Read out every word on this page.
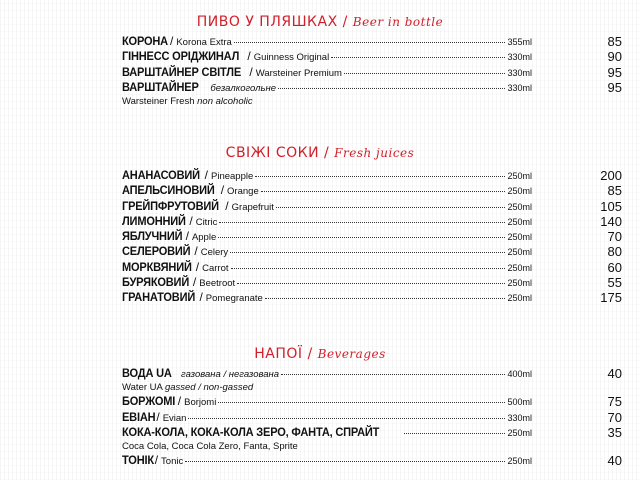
ПИВО У ПЛЯШКАХ / Beer in bottle
КОРОНА / Korona Extra	355ml	85
ГІННЕСС ОРІДЖИНАЛ / Guinness Original	330ml	90
ВАРШТАЙНЕР СВІТЛЕ / Warsteiner Premium	330ml	95
ВАРШТАЙНЕР безалкогольне	330ml	95
Warsteiner Fresh non alcoholic
СВІЖІ СОКИ / Fresh juices
АНАНАСОВИЙ / Pineapple	250ml	200
АПЕЛЬСИНОВИЙ / Orange	250ml	85
ГРЕЙПФРУТОВИЙ / Grapefruit	250ml	105
ЛИМОННИЙ / Citric	250ml	140
ЯБЛУЧНИЙ / Apple	250ml	70
СЕЛЕРОВИЙ / Celery	250ml	80
МОРКВЯНИЙ / Carrot	250ml	60
БУРЯКОВИЙ / Beetroot	250ml	55
ГРАНАТОВИЙ / Pomegranate	250ml	175
НАПОЇ / Beverages
ВОДА UA газована / негазована	400ml	40
Water UA gassed / non-gassed
БОРЖОМІ / Borjomi	500ml	75
ЕВІАН / Evian	330ml	70
КОКА-КОЛА, КОКА-КОЛА ЗЕРО, ФАНТА, СПРАЙТ	250ml	35
Coca Cola, Coca Cola Zero, Fanta, Sprite
ТОНІК / Tonic	250ml	40
